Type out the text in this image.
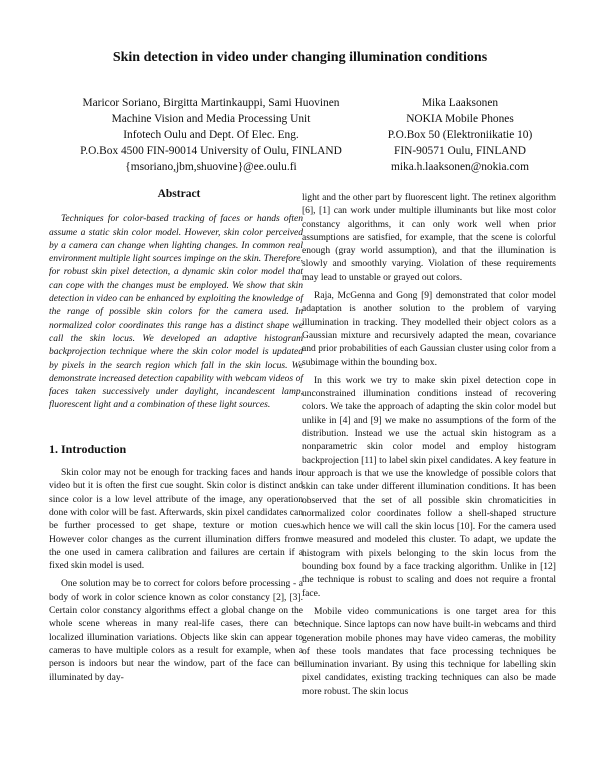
Skin detection in video under changing illumination conditions
Maricor Soriano, Birgitta Martinkauppi, Sami Huovinen
Machine Vision and Media Processing Unit
Infotech Oulu and Dept. Of Elec. Eng.
P.O.Box 4500 FIN-90014 University of Oulu, FINLAND
{msoriano,jbm,shuovine}@ee.oulu.fi
Mika Laaksonen
NOKIA Mobile Phones
P.O.Box 50 (Elektroniikatie 10)
FIN-90571 Oulu, FINLAND
mika.h.laaksonen@nokia.com
Abstract

Techniques for color-based tracking of faces or hands often assume a static skin color model. However, skin color perceived by a camera can change when lighting changes. In common real environment multiple light sources impinge on the skin. Therefore, for robust skin pixel detection, a dynamic skin color model that can cope with the changes must be employed. We show that skin detection in video can be enhanced by exploiting the knowledge of the range of possible skin colors for the camera used. In normalized color coordinates this range has a distinct shape we call the skin locus. We developed an adaptive histogram backprojection technique where the skin color model is updated by pixels in the search region which fall in the skin locus. We demonstrate increased detection capability with webcam videos of faces taken successively under daylight, incandescent lamp, fluorescent light and a combination of these light sources.

1. Introduction

Skin color may not be enough for tracking faces and hands in video but it is often the first cue sought. Skin color is distinct and since color is a low level attribute of the image, any operation done with color will be fast. Afterwards, skin pixel candidates can be further processed to get shape, texture or motion cues. However color changes as the current illumination differs from the one used in camera calibration and failures are certain if a fixed skin model is used.

One solution may be to correct for colors before processing - a body of work in color science known as color constancy [2], [3]. Certain color constancy algorithms effect a global change on the whole scene whereas in many real-life cases, there can be localized illumination variations. Objects like skin can appear to cameras to have multiple colors as a result for example, when a person is indoors but near the window, part of the face can be illuminated by day-

light and the other part by fluorescent light. The retinex algorithm [6], [1] can work under multiple illuminants but like most color constancy algorithms, it can only work well when prior assumptions are satisfied, for example, that the scene is colorful enough (gray world assumption), and that the illumination is slowly and smoothly varying. Violation of these requirements may lead to unstable or grayed out colors.

Raja, McGenna and Gong [9] demonstrated that color model adaptation is another solution to the problem of varying illumination in tracking. They modelled their object colors as a Gaussian mixture and recursively adapted the mean, covariance and prior probabilities of each Gaussian cluster using color from a subimage within the bounding box.

In this work we try to make skin pixel detection cope in unconstrained illumination conditions instead of recovering colors. We take the approach of adapting the skin color model but unlike in [4] and [9] we make no assumptions of the form of the distribution. Instead we use the actual skin histogram as a nonparametric skin color model and employ histogram backprojection [11] to label skin pixel candidates. A key feature in our approach is that we use the knowledge of possible colors that skin can take under different illumination conditions. It has been observed that the set of all possible skin chromaticities in normalized color coordinates follow a shell-shaped structure which hence we will call the skin locus [10]. For the camera used we measured and modeled this cluster. To adapt, we update the histogram with pixels belonging to the skin locus from the bounding box found by a face tracking algorithm. Unlike in [12] the technique is robust to scaling and does not require a frontal face.

Mobile video communications is one target area for this technique. Since laptops can now have built-in webcams and third generation mobile phones may have video cameras, the mobility of these tools mandates that face processing techniques be illumination invariant. By using this technique for labelling skin pixel candidates, existing tracking techniques can also be made more robust. The skin locus
